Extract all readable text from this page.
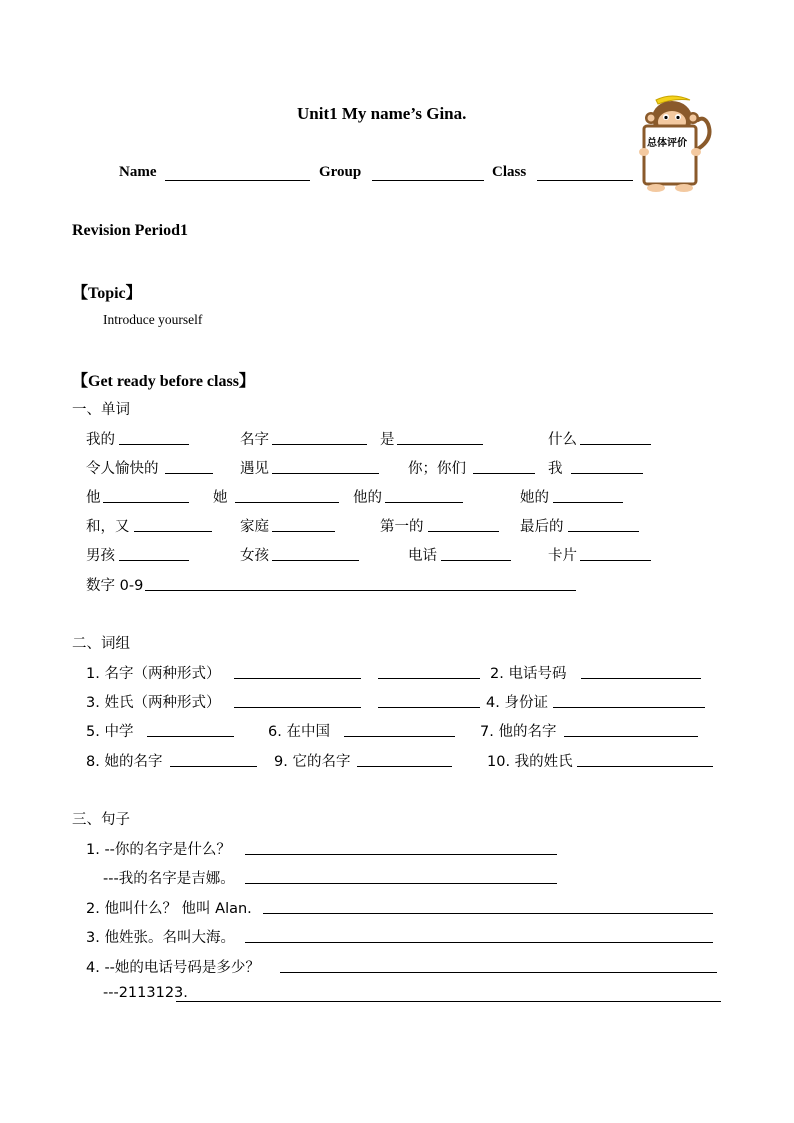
Unit1 My name’s Gina.
总体评价
Name	Group	Class
Revision Period1
【Topic】
Introduce yourself
【Get ready before class】
一、单词
我的	名字	是	什么
令人愉快的	遇见	你；你们	我
他	她	他的	她的
和，又	家庭	第一的	最后的
男孩	女孩	电话	卡片
数字 0-9
二、词组
1. 名字（两种形式）	2. 电话号码
3. 姓氏（两种形式）	4. 身份证
5. 中学	6. 在中国	7. 他的名字
8. 她的名字	9. 它的名字	10. 我的姓氏
三、句子
1. --你的名字是什么？
---我的名字是吉娜。
2. 他叫什么？ 他叫 Alan.
3. 他姓张。名叫大海。
4. --她的电话号码是多少？
---2113123.
